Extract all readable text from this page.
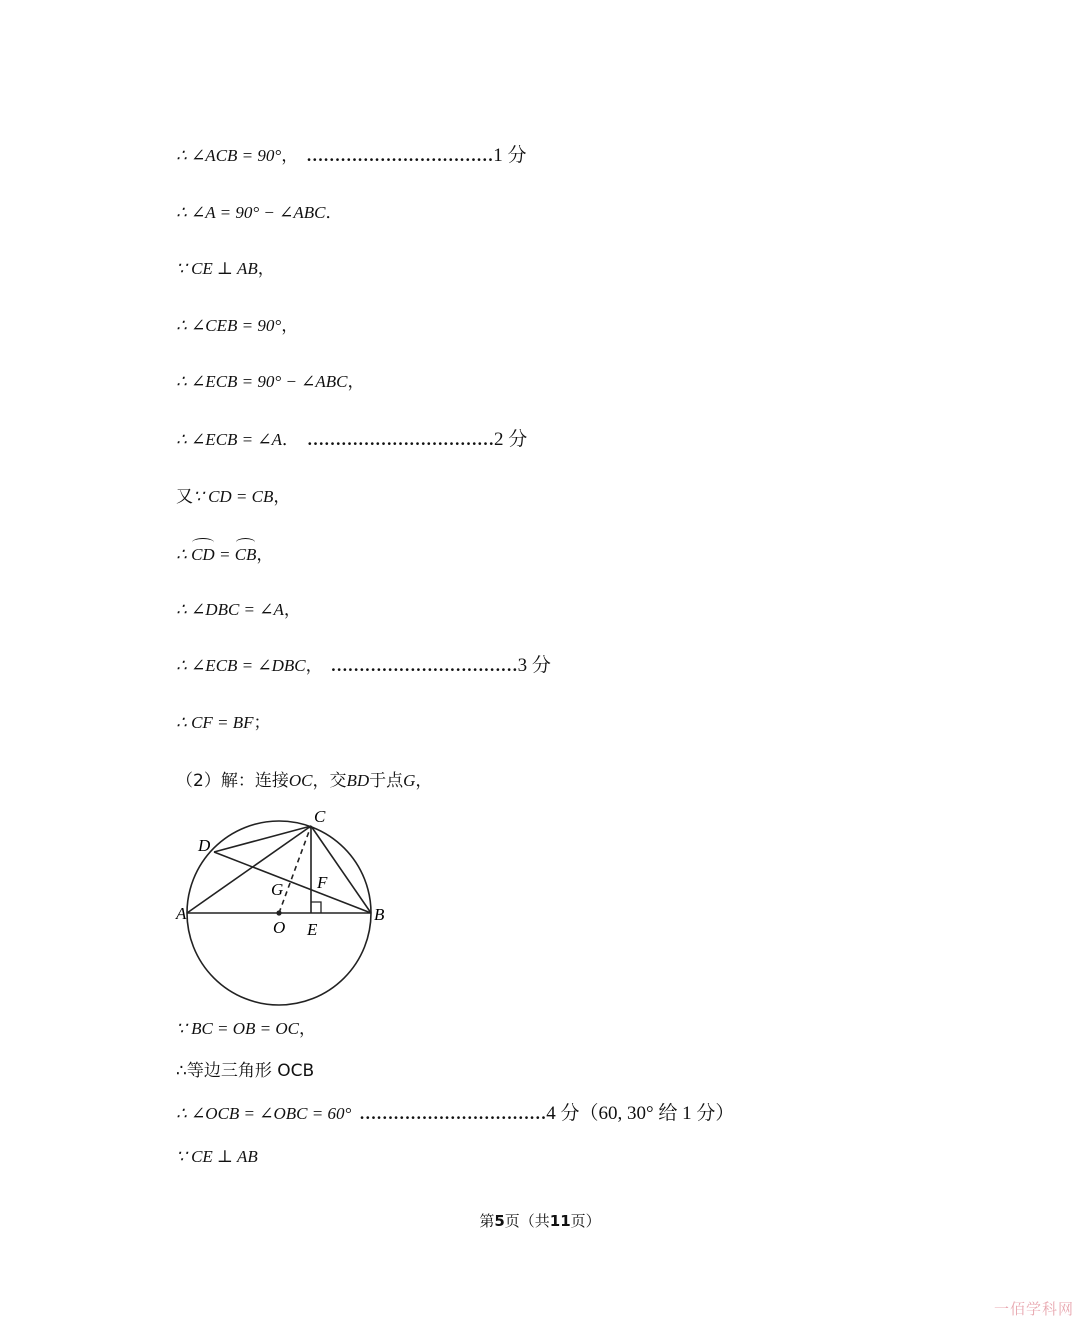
∴ ∠ACB = 90°， ……………………………1 分
∴ ∠A = 90° − ∠ABC．
∵ CE ⊥ AB，
∴ ∠CEB = 90°，
∴ ∠ECB = 90° − ∠ABC，
∴ ∠ECB = ∠A． ……………………………2 分
又∵ CD = CB，
∴ CD = CB，
∴ ∠DBC = ∠A，
∴ ∠ECB = ∠DBC， ……………………………3 分
∴ CF = BF；
（2）解：连接OC，交BD于点G，
A	B
C
D
E
F
G
O
∵ BC = OB = OC，
∴等边三角形 OCB
∴ ∠OCB = ∠OBC = 60° ……………………………4 分（60, 30° 给 1 分）
∵ CE ⊥ AB
第5页（共11页）
一佰学科网
